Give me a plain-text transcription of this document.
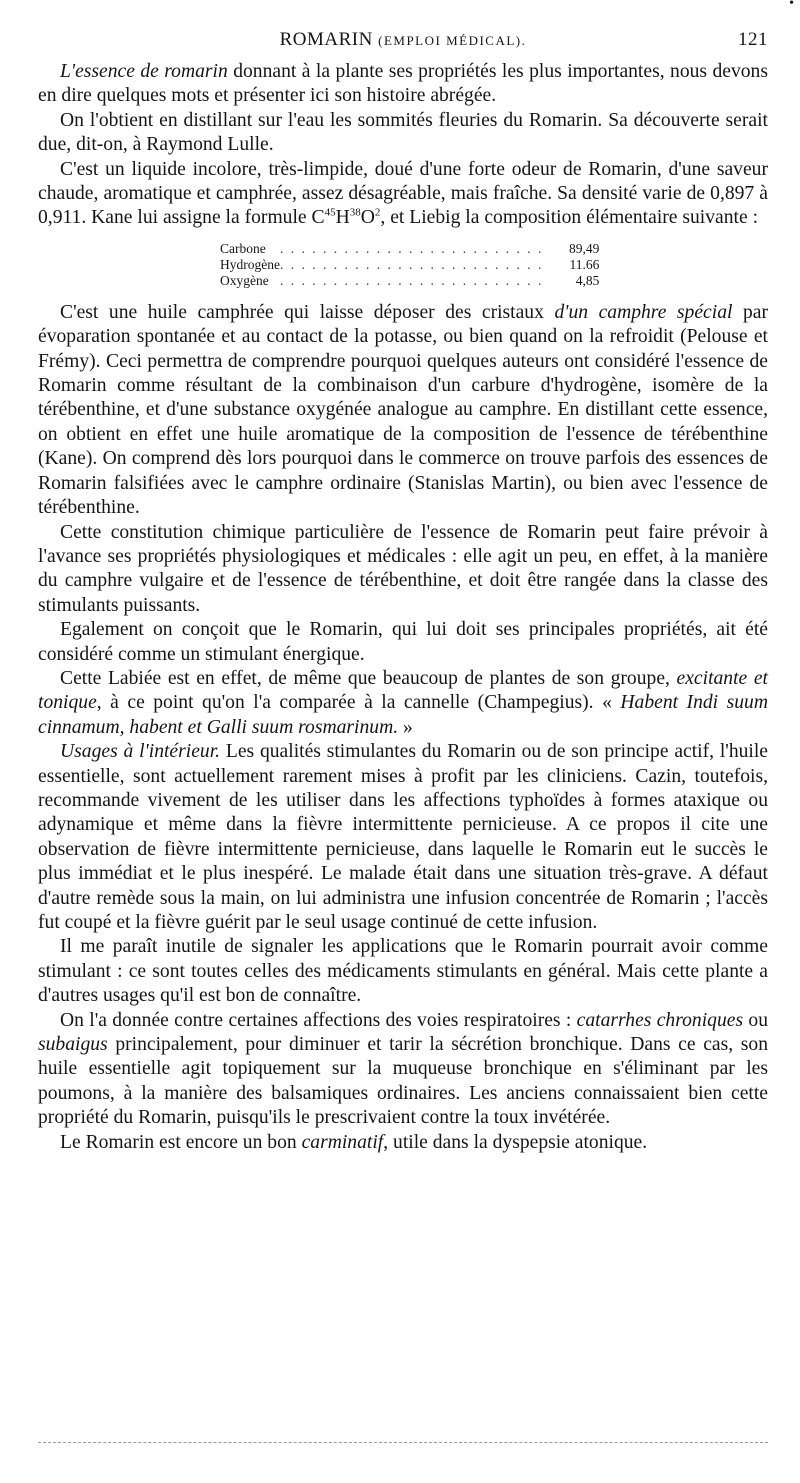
•
ROMARIN (EMPLOI MÉDICAL).	121

L'essence de romarin donnant à la plante ses propriétés les plus importantes, nous devons en dire quelques mots et présenter ici son histoire abrégée.

On l'obtient en distillant sur l'eau les sommités fleuries du Romarin. Sa découverte serait due, dit-on, à Raymond Lulle.

C'est un liquide incolore, très-limpide, doué d'une forte odeur de Romarin, d'une saveur chaude, aromatique et camphrée, assez désagréable, mais fraîche. Sa densité varie de 0,897 à 0,911. Kane lui assigne la formule $C^{45}H^{38}O^2$, et Liebig la composition élémentaire suivante :

Carbone	. . . . . . . . . . . . . . . . . . . . . . . . .	89,49
Hydrogène	. . . . . . . . . . . . . . . . . . . . . . . . .	11.66
Oxygène	. . . . . . . . . . . . . . . . . . . . . . . . .	4,85

C'est une huile camphrée qui laisse déposer des cristaux d'un camphre spécial par évoparation spontanée et au contact de la potasse, ou bien quand on la refroidit (Pelouse et Frémy). Ceci permettra de comprendre pourquoi quelques auteurs ont considéré l'essence de Romarin comme résultant de la combinaison d'un carbure d'hydrogène, isomère de la térébenthine, et d'une substance oxygénée analogue au camphre. En distillant cette essence, on obtient en effet une huile aromatique de la composition de l'essence de térébenthine (Kane). On comprend dès lors pourquoi dans le commerce on trouve parfois des essences de Romarin falsifiées avec le camphre ordinaire (Stanislas Martin), ou bien avec l'essence de térébenthine.

Cette constitution chimique particulière de l'essence de Romarin peut faire prévoir à l'avance ses propriétés physiologiques et médicales : elle agit un peu, en effet, à la manière du camphre vulgaire et de l'essence de térébenthine, et doit être rangée dans la classe des stimulants puissants.

Egalement on conçoit que le Romarin, qui lui doit ses principales propriétés, ait été considéré comme un stimulant énergique.

Cette Labiée est en effet, de même que beaucoup de plantes de son groupe, excitante et tonique, à ce point qu'on l'a comparée à la cannelle (Champegius). « Habent Indi suum cinnamum, habent et Galli suum rosmarinum. »

Usages à l'intérieur. Les qualités stimulantes du Romarin ou de son principe actif, l'huile essentielle, sont actuellement rarement mises à profit par les cliniciens. Cazin, toutefois, recommande vivement de les utiliser dans les affections typhoïdes à formes ataxique ou adynamique et même dans la fièvre intermittente pernicieuse. A ce propos il cite une observation de fièvre intermittente pernicieuse, dans laquelle le Romarin eut le succès le plus immédiat et le plus inespéré. Le malade était dans une situation très-grave. A défaut d'autre remède sous la main, on lui administra une infusion concentrée de Romarin ; l'accès fut coupé et la fièvre guérit par le seul usage continué de cette infusion.

Il me paraît inutile de signaler les applications que le Romarin pourrait avoir comme stimulant : ce sont toutes celles des médicaments stimulants en général. Mais cette plante a d'autres usages qu'il est bon de connaître.

On l'a donnée contre certaines affections des voies respiratoires : catarrhes chroniques ou subaigus principalement, pour diminuer et tarir la sécrétion bronchique. Dans ce cas, son huile essentielle agit topiquement sur la muqueuse bronchique en s'éliminant par les poumons, à la manière des balsamiques ordinaires. Les anciens connaissaient bien cette propriété du Romarin, puisqu'ils le prescrivaient contre la toux invétérée.

Le Romarin est encore un bon carminatif, utile dans la dyspepsie atonique.
